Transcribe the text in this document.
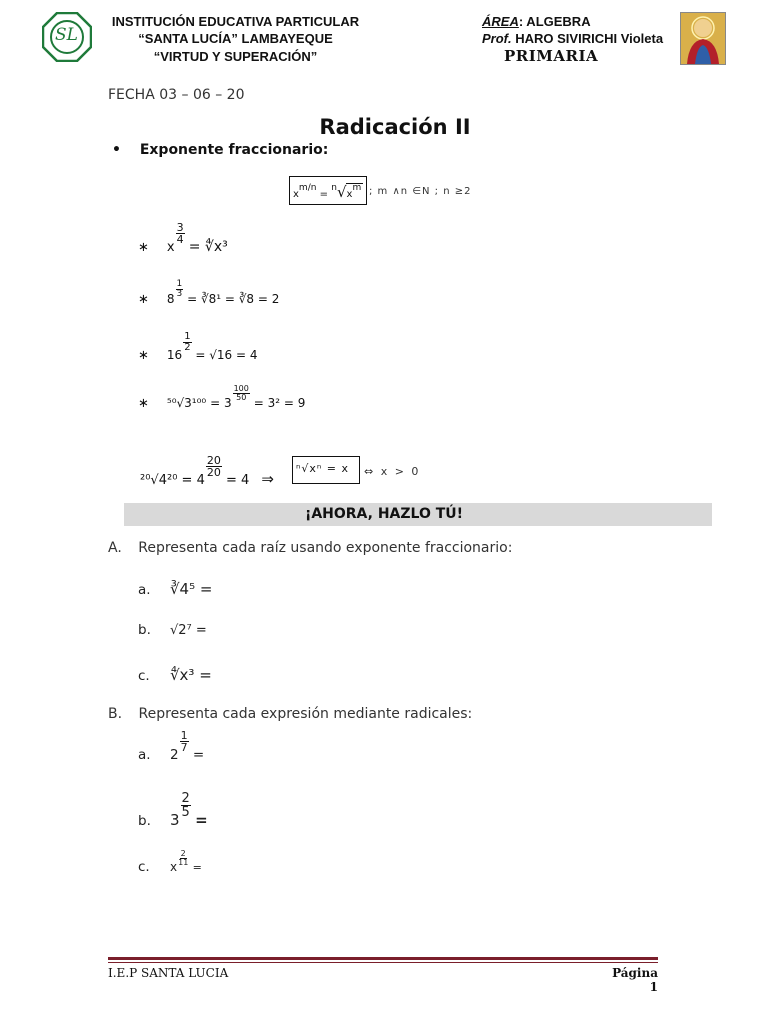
SL
INSTITUCIÓN EDUCATIVA PARTICULAR
“SANTA LUCÍA” LAMBAYEQUE
“VIRTUD Y SUPERACIÓN”
ÁREA: ALGEBRA
Prof. HARO SIVIRICHI Violeta
PRIMARIA
FECHA 03 – 06 – 20
Radicación II
• Exponente fraccionario:
$x^{m/n} = ^n√x^m$ ; m ∧n ∈N ; n ≥2
∗ x
$\frac{3}{4}$
= ∜x³
∗ $8 \frac{1}{3}$ = ∛8¹ = ∛8 = 2
∗ 16
$\frac{1}{2}$
= √16 = 4
∗ ⁵⁰√3¹⁰⁰ = 3
$\frac{100}{50}$
= 3² = 9
²⁰√4²⁰ = 4
$\frac{20}{20}$
= 4 ⇒
ⁿ√xⁿ = x ⇔ x > 0
¡AHORA, HAZLO TÚ!
A. Representa cada raíz usando exponente fraccionario:
a. ∛4⁵ =
b. √2⁷ =
c. ∜x³ =
B. Representa cada expresión mediante radicales:
a. 2
$\frac{1}{7}$
=
b. 3
$\frac{2}{5}$
=
c. x $\frac{2}{11}$
=
I.E.P SANTA LUCIA	Página 1
